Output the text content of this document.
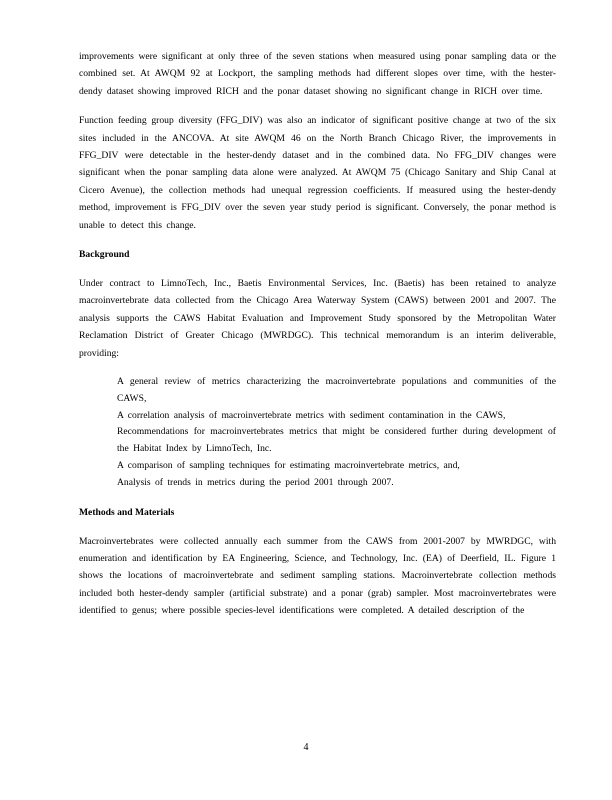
improvements were significant at only three of the seven stations when measured using ponar sampling data or the combined set. At AWQM 92 at Lockport, the sampling methods had different slopes over time, with the hester-dendy dataset showing improved RICH and the ponar dataset showing no significant change in RICH over time.

Function feeding group diversity (FFG_DIV) was also an indicator of significant positive change at two of the six sites included in the ANCOVA. At site AWQM 46 on the North Branch Chicago River, the improvements in FFG_DIV were detectable in the hester-dendy dataset and in the combined data. No FFG_DIV changes were significant when the ponar sampling data alone were analyzed. At AWQM 75 (Chicago Sanitary and Ship Canal at Cicero Avenue), the collection methods had unequal regression coefficients. If measured using the hester-dendy method, improvement is FFG_DIV over the seven year study period is significant. Conversely, the ponar method is unable to detect this change.

Background

Under contract to LimnoTech, Inc., Baetis Environmental Services, Inc. (Baetis) has been retained to analyze macroinvertebrate data collected from the Chicago Area Waterway System (CAWS) between 2001 and 2007. The analysis supports the CAWS Habitat Evaluation and Improvement Study sponsored by the Metropolitan Water Reclamation District of Greater Chicago (MWRDGC). This technical memorandum is an interim deliverable, providing:

A general review of metrics characterizing the macroinvertebrate populations and communities of the CAWS,
A correlation analysis of macroinvertebrate metrics with sediment contamination in the CAWS,
Recommendations for macroinvertebrates metrics that might be considered further during development of the Habitat Index by LimnoTech, Inc.
A comparison of sampling techniques for estimating macroinvertebrate metrics, and,
Analysis of trends in metrics during the period 2001 through 2007.
Methods and Materials

Macroinvertebrates were collected annually each summer from the CAWS from 2001-2007 by MWRDGC, with enumeration and identification by EA Engineering, Science, and Technology, Inc. (EA) of Deerfield, IL. Figure 1 shows the locations of macroinvertebrate and sediment sampling stations. Macroinvertebrate collection methods included both hester-dendy sampler (artificial substrate) and a ponar (grab) sampler. Most macroinvertebrates were identified to genus; where possible species-level identifications were completed. A detailed description of the

4
